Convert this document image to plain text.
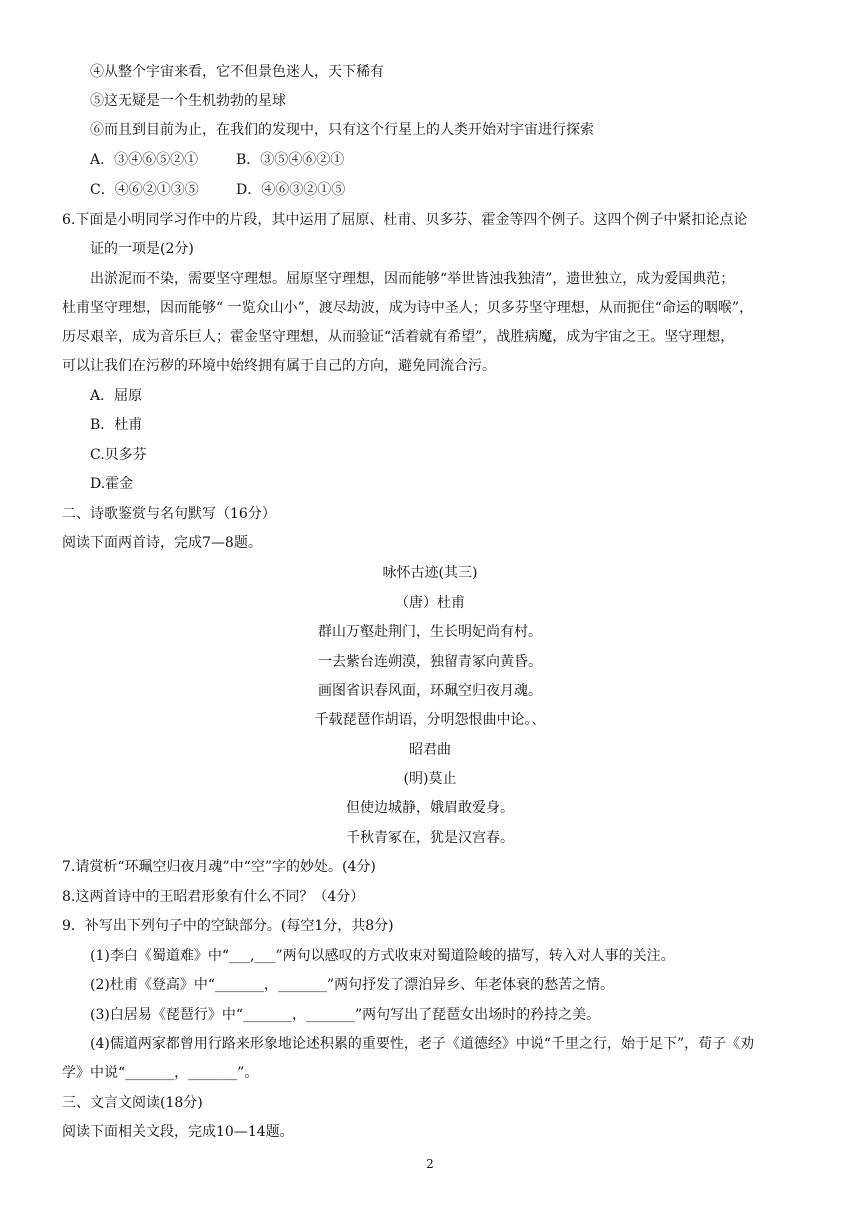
④从整个宇宙来看，它不但景色迷人，天下稀有
⑤这无疑是一个生机勃勃的星球
⑥而且到目前为止，在我们的发现中，只有这个行星上的人类开始对宇宙进行探索
A．③④⑥⑤②①	B．③⑤④⑥②①
C．④⑥②①③⑤	D．④⑥③②①⑤
6.下面是小明同学习作中的片段，其中运用了屈原、杜甫、贝多芬、霍金等四个例子。这四个例子中紧扣论点论
证的一项是(2分)
出淤泥而不染，需要坚守理想。屈原坚守理想，因而能够“举世皆浊我独清”，遗世独立，成为爱国典范；
杜甫坚守理想，因而能够“ 一览众山小”，渡尽劫波，成为诗中圣人；贝多芬坚守理想，从而扼住“命运的咽喉”，
历尽艰辛，成为音乐巨人；霍金坚守理想，从而验证“活着就有希望”，战胜病魔，成为宇宙之王。坚守理想，
可以让我们在污秽的环境中始终拥有属于自己的方向，避免同流合污。
A．屈原
B．杜甫
C.贝多芬
D.霍金
二、诗歌鉴赏与名句默写（16分）
阅读下面两首诗，完成7—8题。
咏怀古迹(其三)
（唐）杜甫
群山万壑赴荆门，生长明妃尚有村。
一去紫台连朔漠，独留青冢向黄昏。
画图省识春风面，环珮空归夜月魂。
千载琵琶作胡语，分明怨恨曲中论。、
昭君曲
(明)莫止
但使边城静，娥眉敢爱身。
千秋青冢在，犹是汉宫春。
7.请赏析“环珮空归夜月魂”中“空”字的妙处。(4分)
8.这两首诗中的王昭君形象有什么不同？（4分）
9．补写出下列句子中的空缺部分。(每空1分，共8分)
(1)李白《蜀道难》中“___,___”两句以感叹的方式收束对蜀道险峻的描写，转入对人事的关注。
(2)杜甫《登高》中“_______，_______”两句抒发了漂泊异乡、年老体衰的愁苦之情。
(3)白居易《琵琶行》中“_______，_______”两句写出了琵琶女出场时的矜持之美。
(4)儒道两家都曾用行路来形象地论述积累的重要性，老子《道德经》中说“千里之行，始于足下”，荀子《劝
学》中说“_______，_______”。
三、文言文阅读(18分)
阅读下面相关文段，完成10—14题。
2
